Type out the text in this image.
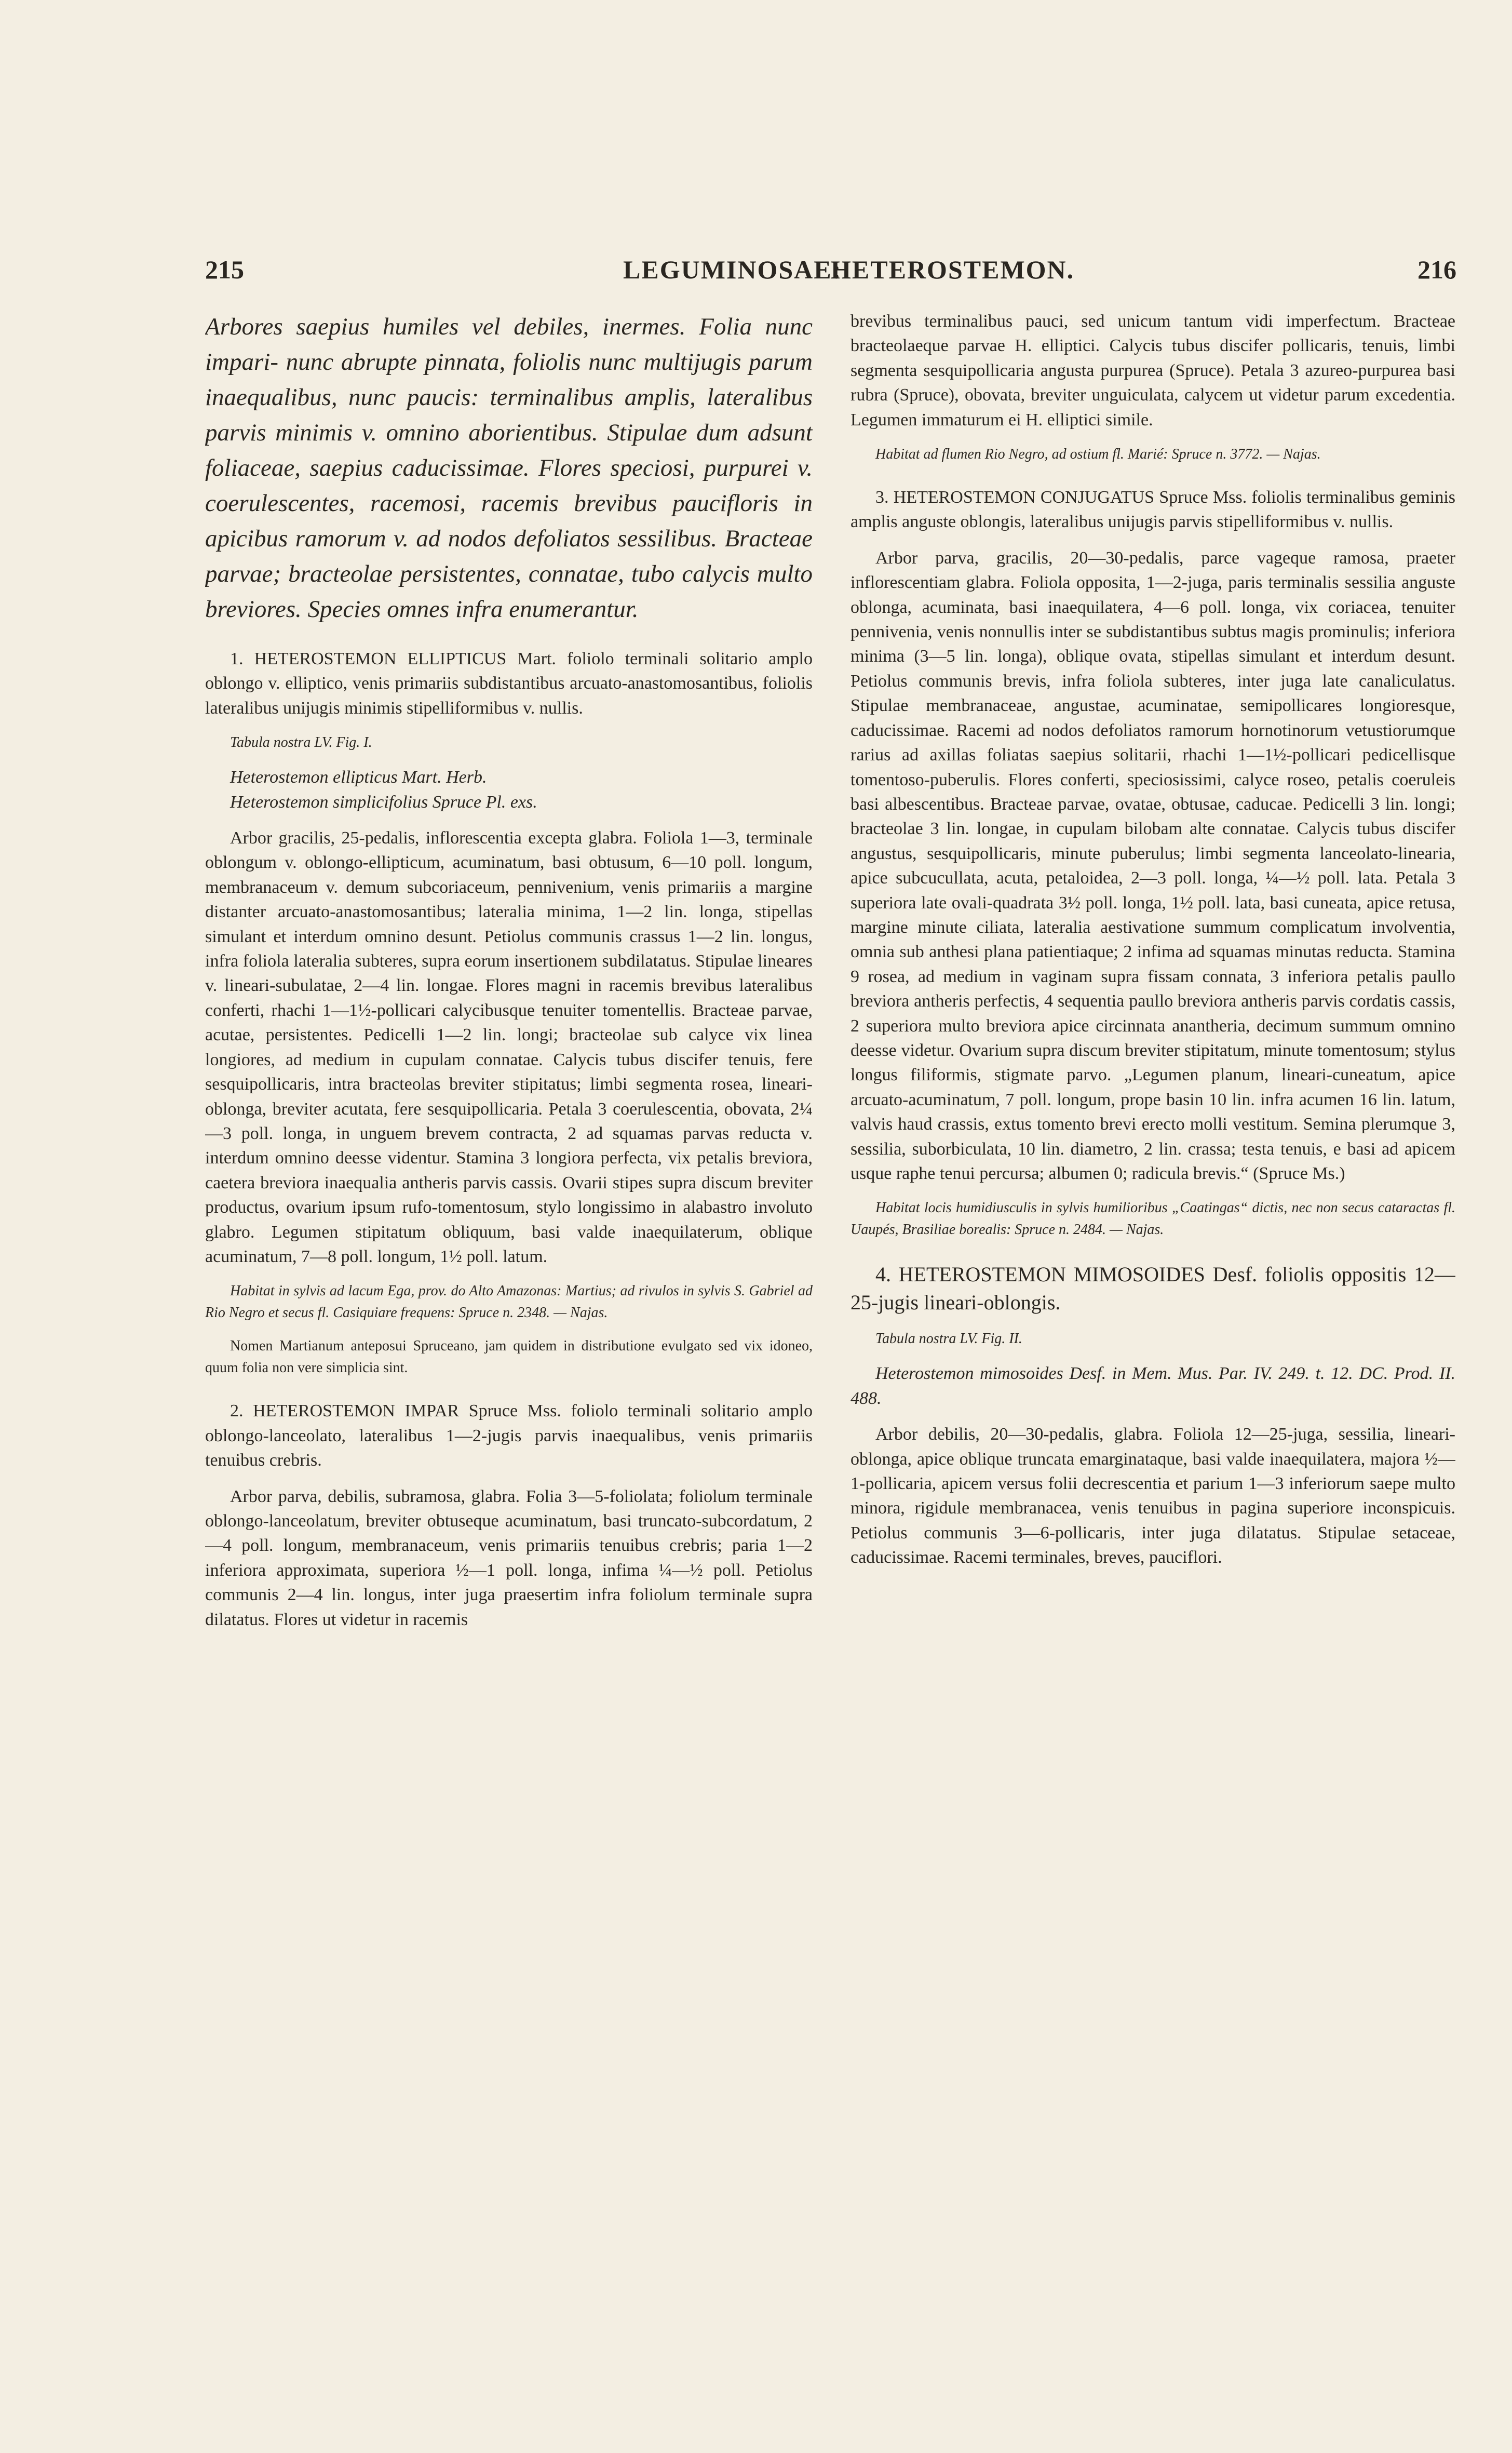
215	LEGUMINOSAE:
HETEROSTEMON.	216

Arbores saepius humiles vel debiles, inermes. Folia nunc impari- nunc abrupte pinnata, foliolis nunc multijugis parum inaequalibus, nunc paucis: terminalibus amplis, lateralibus parvis minimis v. omnino aborientibus. Stipulae dum adsunt foliaceae, saepius caducissimae. Flores speciosi, purpurei v. coerulescentes, racemosi, racemis brevibus paucifloris in apicibus ramorum v. ad nodos defoliatos sessilibus. Bracteae parvae; bracteolae persistentes, connatae, tubo calycis multo breviores. Species omnes infra enumerantur.

1. HETEROSTEMON ELLIPTICUS Mart. foliolo terminali solitario amplo oblongo v. elliptico, venis primariis subdistantibus arcuato-anastomosantibus, foliolis lateralibus unijugis minimis stipelliformibus v. nullis.

Tabula nostra LV. Fig. I.

Heterostemon ellipticus Mart. Herb.

Heterostemon simplicifolius Spruce Pl. exs.

Arbor gracilis, 25-pedalis, inflorescentia excepta glabra. Foliola 1—3, terminale oblongum v. oblongo-ellipticum, acuminatum, basi obtusum, 6—10 poll. longum, membranaceum v. demum subcoriaceum, pennivenium, venis primariis a margine distanter arcuato-anastomosantibus; lateralia minima, 1—2 lin. longa, stipellas simulant et interdum omnino desunt. Petiolus communis crassus 1—2 lin. longus, infra foliola lateralia subteres, supra eorum insertionem subdilatatus. Stipulae lineares v. lineari-subulatae, 2—4 lin. longae. Flores magni in racemis brevibus lateralibus conferti, rhachi 1—1½-pollicari calycibusque tenuiter tomentellis. Bracteae parvae, acutae, persistentes. Pedicelli 1—2 lin. longi; bracteolae sub calyce vix linea longiores, ad medium in cupulam connatae. Calycis tubus discifer tenuis, fere sesquipollicaris, intra bracteolas breviter stipitatus; limbi segmenta rosea, lineari-oblonga, breviter acutata, fere sesquipollicaria. Petala 3 coerulescentia, obovata, 2¼—3 poll. longa, in unguem brevem contracta, 2 ad squamas parvas reducta v. interdum omnino deesse videntur. Stamina 3 longiora perfecta, vix petalis breviora, caetera breviora inaequalia antheris parvis cassis. Ovarii stipes supra discum breviter productus, ovarium ipsum rufo-tomentosum, stylo longissimo in alabastro involuto glabro. Legumen stipitatum obliquum, basi valde inaequilaterum, oblique acuminatum, 7—8 poll. longum, 1½ poll. latum.

Habitat in sylvis ad lacum Ega, prov. do Alto Amazonas: Martius; ad rivulos in sylvis S. Gabriel ad Rio Negro et secus fl. Casiquiare frequens: Spruce n. 2348. — Najas.

Nomen Martianum anteposui Spruceano, jam quidem in distributione evulgato sed vix idoneo, quum folia non vere simplicia sint.

2. HETEROSTEMON IMPAR Spruce Mss. foliolo terminali solitario amplo oblongo-lanceolato, lateralibus 1—2-jugis parvis inaequalibus, venis primariis tenuibus crebris.

Arbor parva, debilis, subramosa, glabra. Folia 3—5-foliolata; foliolum terminale oblongo-lanceolatum, breviter obtuseque acuminatum, basi truncato-subcordatum, 2—4 poll. longum, membranaceum, venis primariis tenuibus crebris; paria 1—2 inferiora approximata, superiora ½—1 poll. longa, infima ¼—½ poll. Petiolus communis 2—4 lin. longus, inter juga praesertim infra foliolum terminale supra dilatatus. Flores ut videtur in racemis

brevibus terminalibus pauci, sed unicum tantum vidi imperfectum. Bracteae bracteolaeque parvae H. elliptici. Calycis tubus discifer pollicaris, tenuis, limbi segmenta sesquipollicaria angusta purpurea (Spruce). Petala 3 azureo-purpurea basi rubra (Spruce), obovata, breviter unguiculata, calycem ut videtur parum excedentia. Legumen immaturum ei H. elliptici simile.

Habitat ad flumen Rio Negro, ad ostium fl. Marié: Spruce n. 3772. — Najas.

3. HETEROSTEMON CONJUGATUS Spruce Mss. foliolis terminalibus geminis amplis anguste oblongis, lateralibus unijugis parvis stipelliformibus v. nullis.

Arbor parva, gracilis, 20—30-pedalis, parce vageque ramosa, praeter inflorescentiam glabra. Foliola opposita, 1—2-juga, paris terminalis sessilia anguste oblonga, acuminata, basi inaequilatera, 4—6 poll. longa, vix coriacea, tenuiter pennivenia, venis nonnullis inter se subdistantibus subtus magis prominulis; inferiora minima (3—5 lin. longa), oblique ovata, stipellas simulant et interdum desunt. Petiolus communis brevis, infra foliola subteres, inter juga late canaliculatus. Stipulae membranaceae, angustae, acuminatae, semipollicares longioresque, caducissimae. Racemi ad nodos defoliatos ramorum hornotinorum vetustiorumque rarius ad axillas foliatas saepius solitarii, rhachi 1—1½-pollicari pedicellisque tomentoso-puberulis. Flores conferti, speciosissimi, calyce roseo, petalis coeruleis basi albescentibus. Bracteae parvae, ovatae, obtusae, caducae. Pedicelli 3 lin. longi; bracteolae 3 lin. longae, in cupulam bilobam alte connatae. Calycis tubus discifer angustus, sesquipollicaris, minute puberulus; limbi segmenta lanceolato-linearia, apice subcucullata, acuta, petaloidea, 2—3 poll. longa, ¼—½ poll. lata. Petala 3 superiora late ovali-quadrata 3½ poll. longa, 1½ poll. lata, basi cuneata, apice retusa, margine minute ciliata, lateralia aestivatione summum complicatum involventia, omnia sub anthesi plana patientiaque; 2 infima ad squamas minutas reducta. Stamina 9 rosea, ad medium in vaginam supra fissam connata, 3 inferiora petalis paullo breviora antheris perfectis, 4 sequentia paullo breviora antheris parvis cordatis cassis, 2 superiora multo breviora apice circinnata anantheria, decimum summum omnino deesse videtur. Ovarium supra discum breviter stipitatum, minute tomentosum; stylus longus filiformis, stigmate parvo. „Legumen planum, lineari-cuneatum, apice arcuato-acuminatum, 7 poll. longum, prope basin 10 lin. infra acumen 16 lin. latum, valvis haud crassis, extus tomento brevi erecto molli vestitum. Semina plerumque 3, sessilia, suborbiculata, 10 lin. diametro, 2 lin. crassa; testa tenuis, e basi ad apicem usque raphe tenui percursa; albumen 0; radicula brevis.“ (Spruce Ms.)

Habitat locis humidiusculis in sylvis humilioribus „Caatingas“ dictis, nec non secus cataractas fl. Uaupés, Brasiliae borealis: Spruce n. 2484. — Najas.

4. HETEROSTEMON MIMOSOIDES Desf. foliolis oppositis 12—25-jugis lineari-oblongis.

Tabula nostra LV. Fig. II.

Heterostemon mimosoides Desf. in Mem. Mus. Par. IV. 249. t. 12. DC. Prod. II. 488.

Arbor debilis, 20—30-pedalis, glabra. Foliola 12—25-juga, sessilia, lineari-oblonga, apice oblique truncata emarginataque, basi valde inaequilatera, majora ½—1-pollicaria, apicem versus folii decrescentia et parium 1—3 inferiorum saepe multo minora, rigidule membranacea, venis tenuibus in pagina superiore inconspicuis. Petiolus communis 3—6-pollicaris, inter juga dilatatus. Stipulae setaceae, caducissimae. Racemi terminales, breves, pauciflori.
